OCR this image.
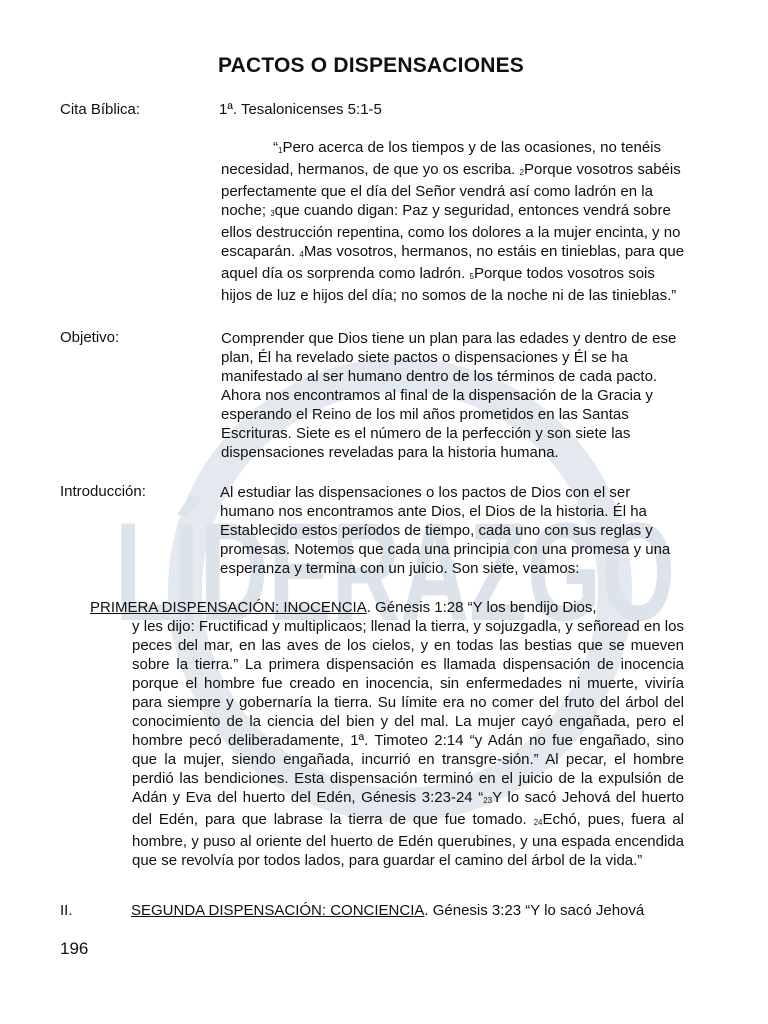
LÍDERAZGO
PACTOS O DISPENSACIONES
Cita Bíblica:	1ª. Tesalonicenses 5:1-5

“$_1Pero$ acerca de los tiempos y de las ocasiones, no tenéis necesidad, hermanos, de que yo os escriba. $_2$Porque vosotros sabéis perfectamente que el día del Señor vendrá así como ladrón en la noche; $_3$que cuando digan: Paz y seguridad, entonces vendrá sobre ellos destrucción repentina, como los dolores a la mujer encinta, y no escaparán. $_4$Mas vosotros, hermanos, no estáis en tinieblas, para que aquel día os sorprenda como ladrón. $_5$Porque todos vosotros sois hijos de luz e hijos del día; no somos de la noche ni de las tinieblas.”

Objetivo:	Comprender que Dios tiene un plan para las edades y dentro de ese plan, Él ha revelado siete pactos o dispensaciones y Él se ha manifestado al ser humano dentro de los términos de cada pacto. Ahora nos encontramos al final de la dispensación de la Gracia y esperando el Reino de los mil años prometidos en las Santas Escrituras. Siete es el número de la perfección y son siete las dispensaciones reveladas para la historia humana.

Introducción:	Al estudiar las dispensaciones o los pactos de Dios con el ser humano nos encontramos ante Dios, el Dios de la historia. Él ha Establecido estos períodos de tiempo, cada uno con sus reglas y promesas. Notemos que cada una principia con una promesa y una esperanza y termina con un juicio. Son siete, veamos:

PRIMERA DISPENSACIÓN: INOCENCIA. Génesis 1:28 “Y los bendijo Dios,
y les dijo: Fructificad y multiplicaos; llenad la tierra, y sojuzgadla, y señoread en los peces del mar, en las aves de los cielos, y en todas las bestias que se mueven sobre la tierra.” La primera dispensación es llamada dispensación de inocencia porque el hombre fue creado en inocencia, sin enfermedades ni muerte, viviría para siempre y gobernaría la tierra. Su límite era no comer del fruto del árbol del conocimiento de la ciencia del bien y del mal. La mujer cayó engañada, pero el hombre pecó deliberadamente, 1ª. Timoteo 2:14 “y Adán no fue engañado, sino que la mujer, siendo engañada, incurrió en transgre-sión.” Al pecar, el hombre perdió las bendiciones. Esta dispensación terminó en el juicio de la expulsión de Adán y Eva del huerto del Edén, Génesis 3:23-24 “$_{23}Y$ lo sacó Jehová del huerto del Edén, para que labrase la tierra de que fue tomado. $_{24}$Echó, pues, fuera al hombre, y puso al oriente del huerto de Edén querubines, y una espada encendida que se revolvía por todos lados, para guardar el camino del árbol de la vida.”

II.	SEGUNDA DISPENSACIÓN: CONCIENCIA. Génesis 3:23 “Y lo sacó Jehová
196
